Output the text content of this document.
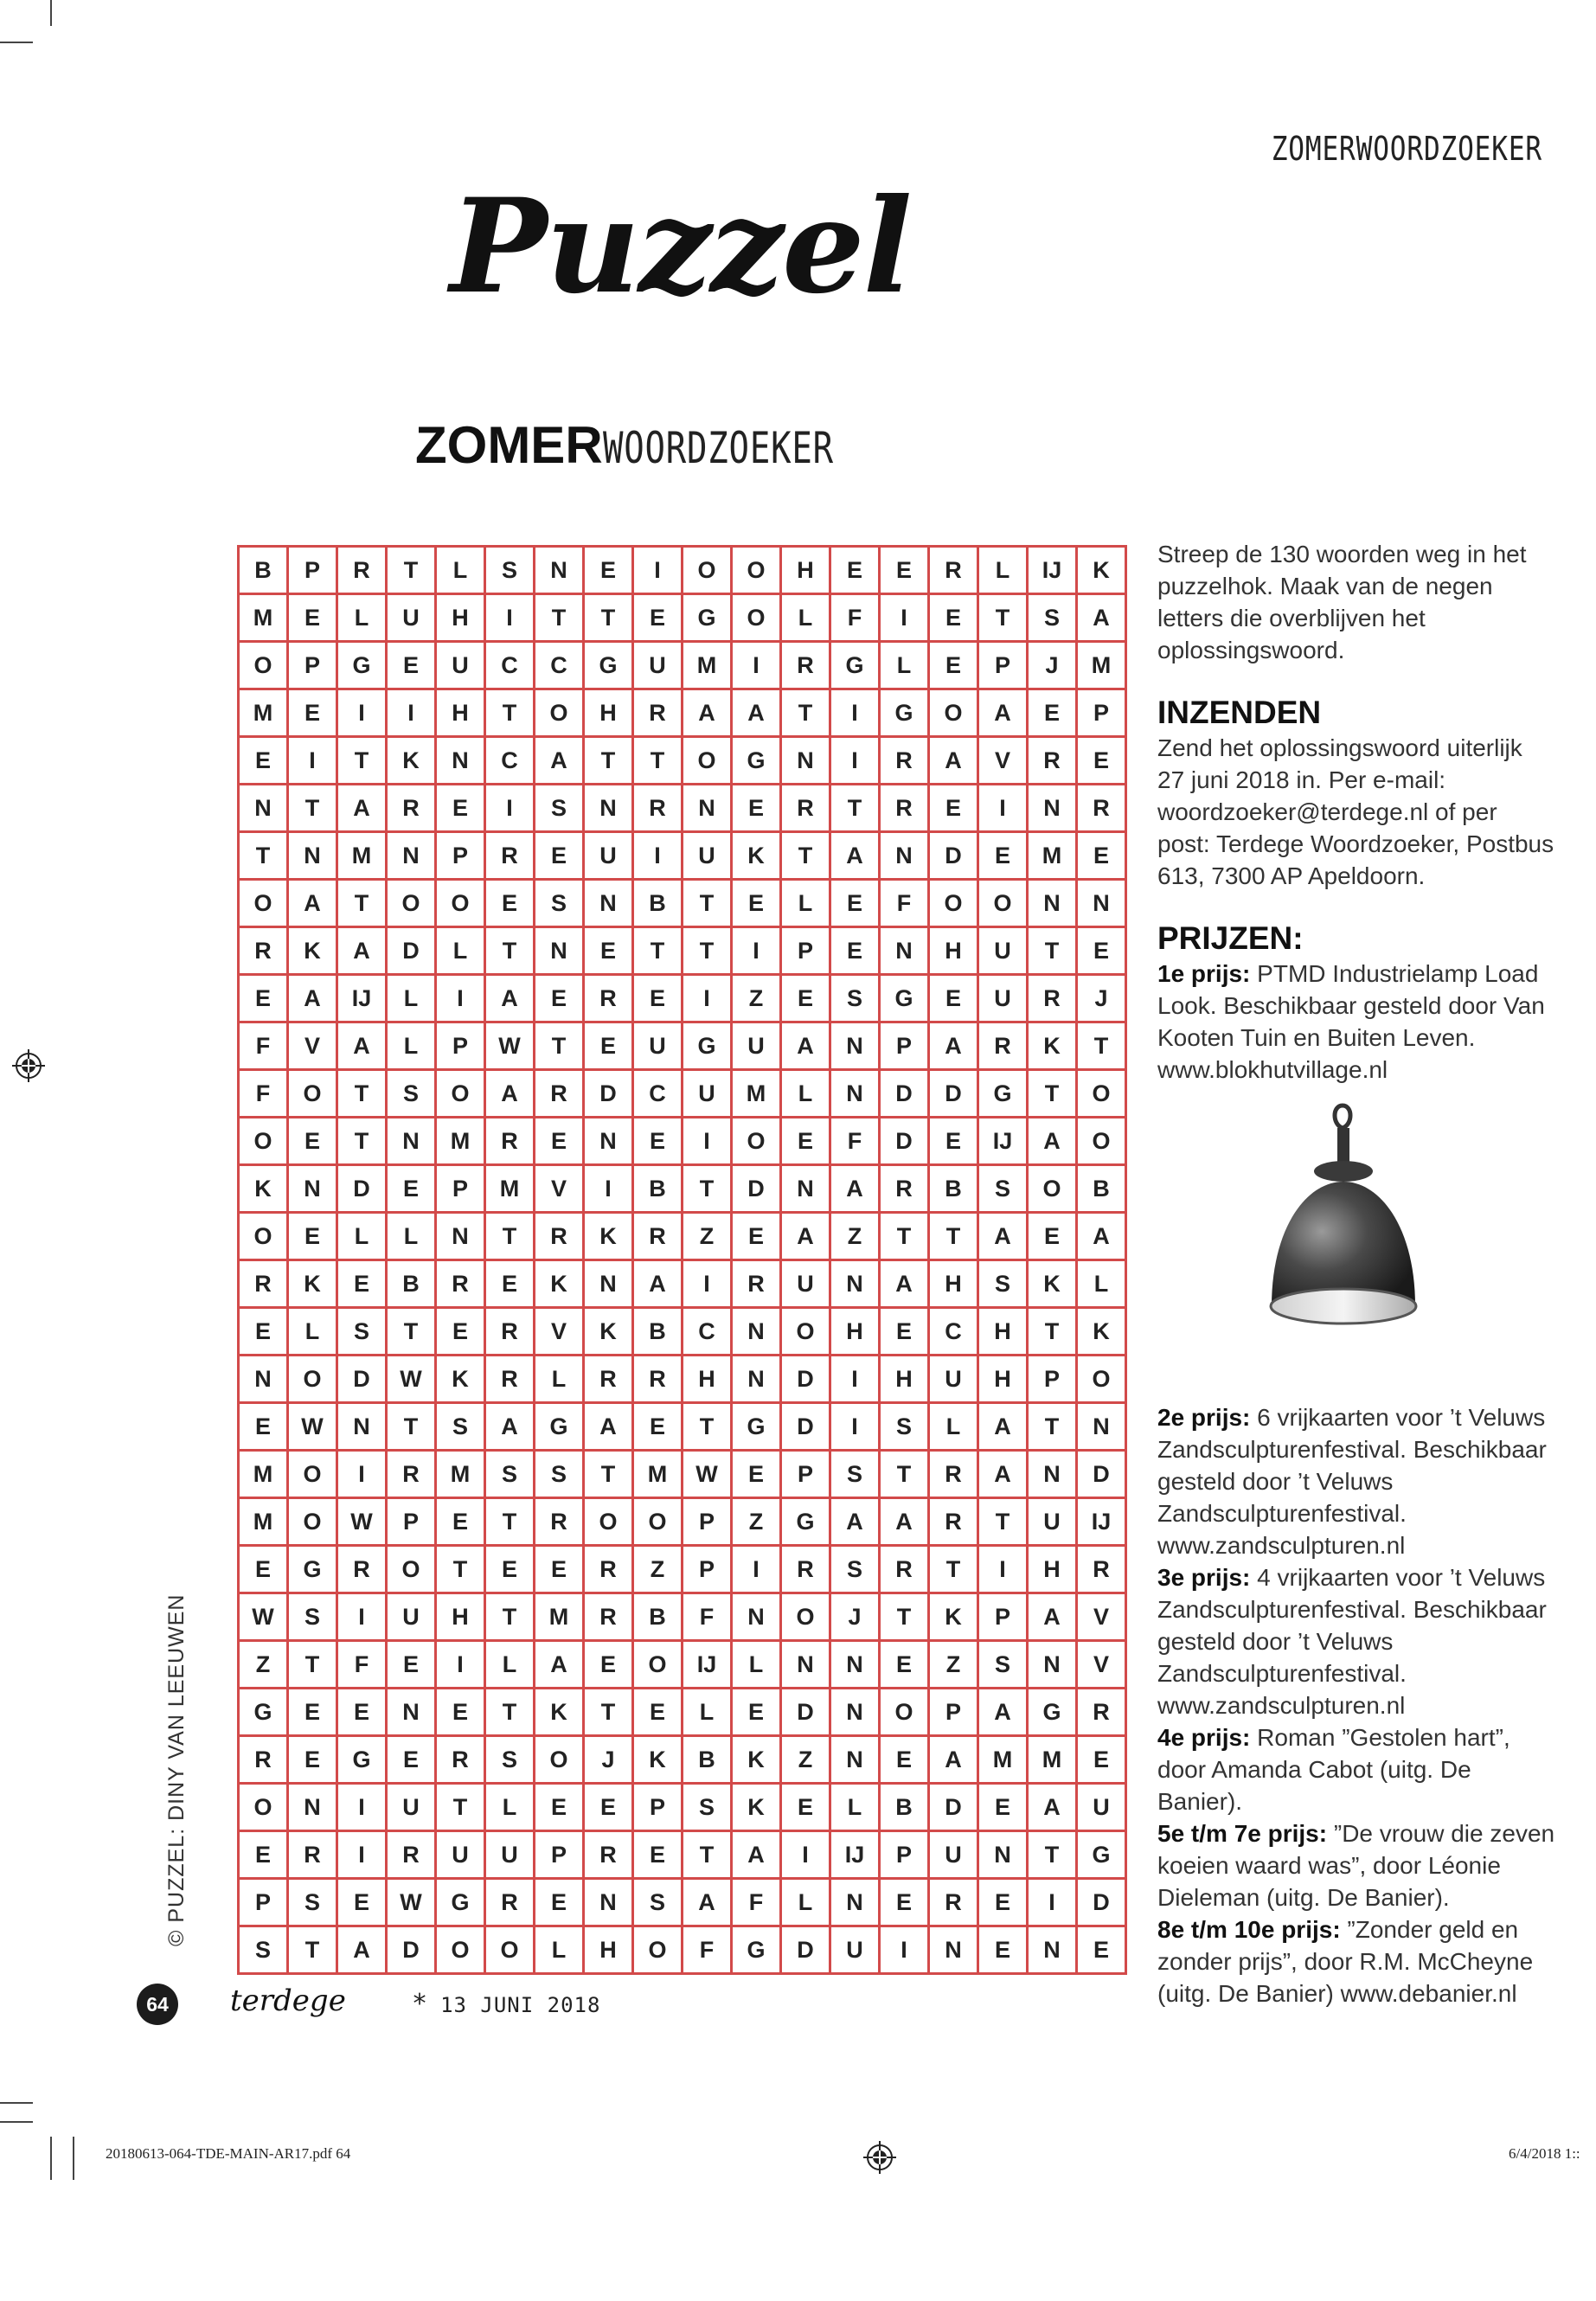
ZOMERWOORDZOEKER
Puzzel
ZOMERWOORDZOEKER
B	P	R	T	L	S	N	E	I	O	O	H	E	E	R	L	IJ	K
M	E	L	U	H	I	T	T	E	G	O	L	F	I	E	T	S	A
O	P	G	E	U	C	C	G	U	M	I	R	G	L	E	P	J	M
M	E	I	I	H	T	O	H	R	A	A	T	I	G	O	A	E	P
E	I	T	K	N	C	A	T	T	O	G	N	I	R	A	V	R	E
N	T	A	R	E	I	S	N	R	N	E	R	T	R	E	I	N	R
T	N	M	N	P	R	E	U	I	U	K	T	A	N	D	E	M	E
O	A	T	O	O	E	S	N	B	T	E	L	E	F	O	O	N	N
R	K	A	D	L	T	N	E	T	T	I	P	E	N	H	U	T	E
E	A	IJ	L	I	A	E	R	E	I	Z	E	S	G	E	U	R	J
F	V	A	L	P	W	T	E	U	G	U	A	N	P	A	R	K	T
F	O	T	S	O	A	R	D	C	U	M	L	N	D	D	G	T	O
O	E	T	N	M	R	E	N	E	I	O	E	F	D	E	IJ	A	O
K	N	D	E	P	M	V	I	B	T	D	N	A	R	B	S	O	B
O	E	L	L	N	T	R	K	R	Z	E	A	Z	T	T	A	E	A
R	K	E	B	R	E	K	N	A	I	R	U	N	A	H	S	K	L
E	L	S	T	E	R	V	K	B	C	N	O	H	E	C	H	T	K
N	O	D	W	K	R	L	R	R	H	N	D	I	H	U	H	P	O
E	W	N	T	S	A	G	A	E	T	G	D	I	S	L	A	T	N
M	O	I	R	M	S	S	T	M	W	E	P	S	T	R	A	N	D
M	O	W	P	E	T	R	O	O	P	Z	G	A	A	R	T	U	IJ
E	G	R	O	T	E	E	R	Z	P	I	R	S	R	T	I	H	R
W	S	I	U	H	T	M	R	B	F	N	O	J	T	K	P	A	V
Z	T	F	E	I	L	A	E	O	IJ	L	N	N	E	Z	S	N	V
G	E	E	N	E	T	K	T	E	L	E	D	N	O	P	A	G	R
R	E	G	E	R	S	O	J	K	B	K	Z	N	E	A	M	M	E
O	N	I	U	T	L	E	E	P	S	K	E	L	B	D	E	A	U
E	R	I	R	U	U	P	R	E	T	A	I	IJ	P	U	N	T	G
P	S	E	W	G	R	E	N	S	A	F	L	N	E	R	E	I	D
S	T	A	D	O	O	L	H	O	F	G	D	U	I	N	E	N	E
© PUZZEL: DINY VAN LEEUWEN

Streep de 130 woorden weg in het puzzelhok. Maak van de negen letters die overblijven het oplossingswoord.

INZENDEN

Zend het oplossingswoord uiterlijk 27 juni 2018 in. Per e-mail: woordzoeker@terdege.nl of per post: Terdege Woordzoeker, Postbus 613, 7300 AP Apeldoorn.

PRIJZEN:

1e prijs: PTMD Industrielamp Load Look. Beschikbaar gesteld door Van Kooten Tuin en Buiten Leven. www.blokhutvillage.nl

2e prijs: 6 vrijkaarten voor ’t Veluws Zandsculpturenfestival. Beschikbaar gesteld door ’t Veluws Zandsculpturenfestival. www.zandsculpturen.nl

3e prijs: 4 vrijkaarten voor ’t Veluws Zandsculpturenfestival. Beschikbaar gesteld door ’t Veluws Zandsculpturenfestival. www.zandsculpturen.nl

4e prijs: Roman ”Gestolen hart”, door Amanda Cabot (uitg. De Banier).

5e t/m 7e prijs: ”De vrouw die zeven koeien waard was”, door Léonie Dieleman (uitg. De Banier).

8e t/m 10e prijs: ”Zonder geld en zonder prijs”, door R.M. McCheyne (uitg. De Banier) www.debanier.nl

64	terdege	* 13 JUNI 2018
20180613-064-TDE-MAIN-AR17.pdf 64	6/4/2018 1::
